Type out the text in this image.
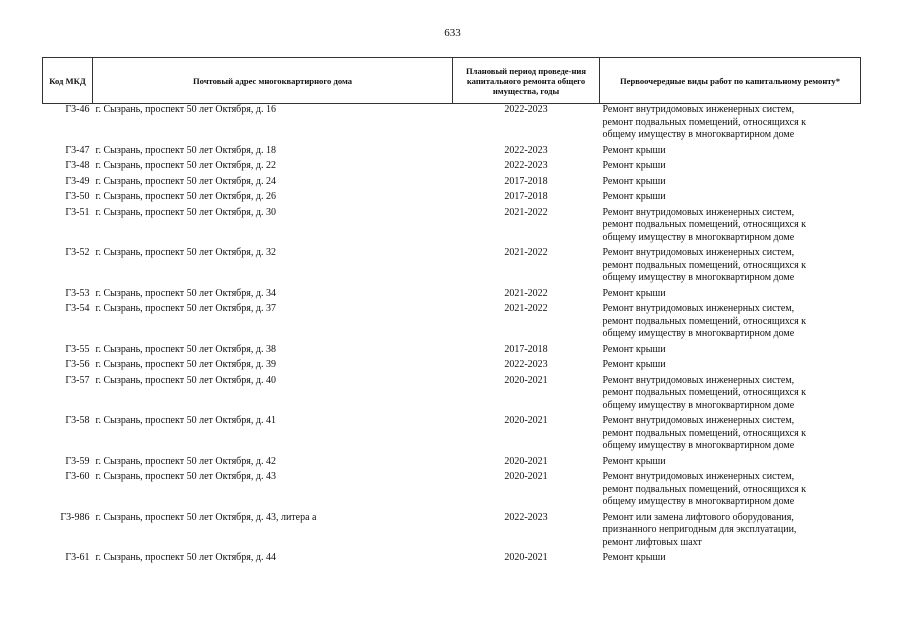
633
Код МКД	Почтовый адрес многоквартирного дома	Плановый период проведе-ния капитального ремонта общего имущества, годы	Первоочередные виды работ по капитальному ремонту*
Г3-46	г. Сызрань, проспект 50 лет Октября, д. 16	2022-2023	Ремонт внутридомовых инженерных систем,
ремонт подвальных помещений, относящихся к
общему имуществу в многоквартирном доме

Г3-47	г. Сызрань, проспект 50 лет Октября, д. 18	2022-2023	Ремонт крыши

Г3-48	г. Сызрань, проспект 50 лет Октября, д. 22	2022-2023	Ремонт крыши

Г3-49	г. Сызрань, проспект 50 лет Октября, д. 24	2017-2018	Ремонт крыши

Г3-50	г. Сызрань, проспект 50 лет Октября, д. 26	2017-2018	Ремонт крыши

Г3-51	г. Сызрань, проспект 50 лет Октября, д. 30	2021-2022	Ремонт внутридомовых инженерных систем,
ремонт подвальных помещений, относящихся к
общему имуществу в многоквартирном доме

Г3-52	г. Сызрань, проспект 50 лет Октября, д. 32	2021-2022	Ремонт внутридомовых инженерных систем,
ремонт подвальных помещений, относящихся к
общему имуществу в многоквартирном доме

Г3-53	г. Сызрань, проспект 50 лет Октября, д. 34	2021-2022	Ремонт крыши

Г3-54	г. Сызрань, проспект 50 лет Октября, д. 37	2021-2022	Ремонт внутридомовых инженерных систем,
ремонт подвальных помещений, относящихся к
общему имуществу в многоквартирном доме

Г3-55	г. Сызрань, проспект 50 лет Октября, д. 38	2017-2018	Ремонт крыши

Г3-56	г. Сызрань, проспект 50 лет Октября, д. 39	2022-2023	Ремонт крыши

Г3-57	г. Сызрань, проспект 50 лет Октября, д. 40	2020-2021	Ремонт внутридомовых инженерных систем,
ремонт подвальных помещений, относящихся к
общему имуществу в многоквартирном доме

Г3-58	г. Сызрань, проспект 50 лет Октября, д. 41	2020-2021	Ремонт внутридомовых инженерных систем,
ремонт подвальных помещений, относящихся к
общему имуществу в многоквартирном доме

Г3-59	г. Сызрань, проспект 50 лет Октября, д. 42	2020-2021	Ремонт крыши

Г3-60	г. Сызрань, проспект 50 лет Октября, д. 43	2020-2021	Ремонт внутридомовых инженерных систем,
ремонт подвальных помещений, относящихся к
общему имуществу в многоквартирном доме

Г3-986	г. Сызрань, проспект 50 лет Октября, д. 43, литера а	2022-2023	Ремонт или замена лифтового оборудования,
признанного непригодным для эксплуатации,
ремонт лифтовых шахт

Г3-61	г. Сызрань, проспект 50 лет Октября, д. 44	2020-2021	Ремонт крыши
